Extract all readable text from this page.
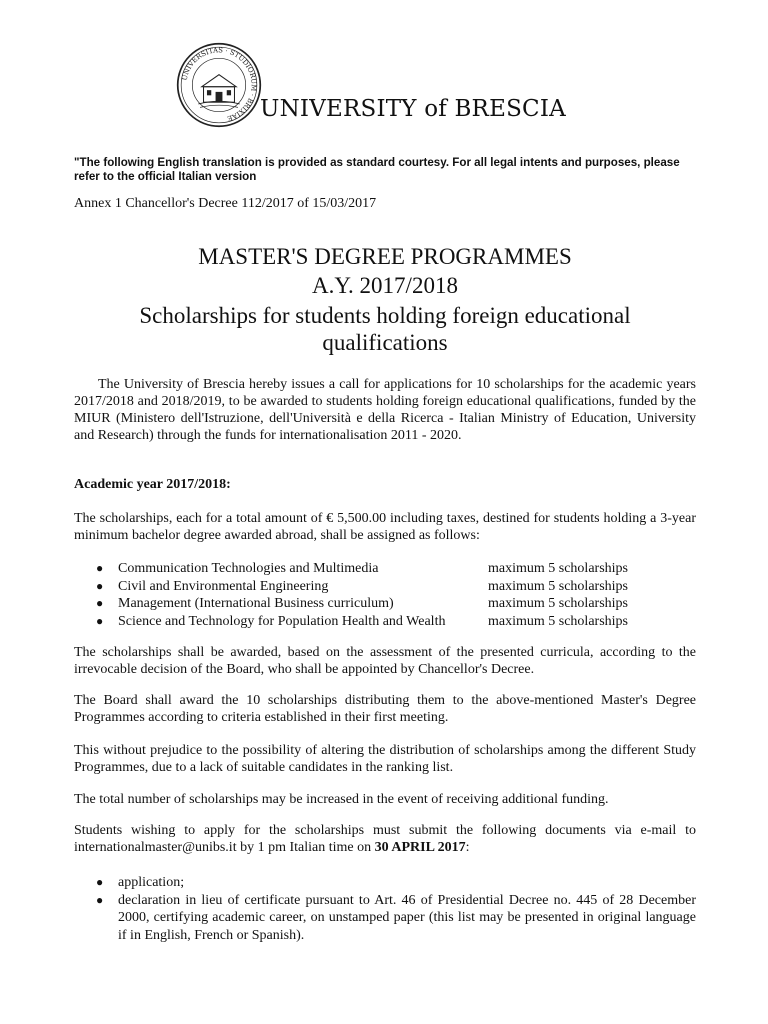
UNIVERSITAS · STUDIORUM · BRIXIAE	UNIVERSITY of BRESCIA
"The following English translation is provided as standard courtesy. For all legal intents and purposes, please refer to the official Italian version
Annex 1 Chancellor's Decree 112/2017 of 15/03/2017
MASTER'S DEGREE PROGRAMMES
A.Y. 2017/2018
Scholarships for students holding foreign educational qualifications
The University of Brescia hereby issues a call for applications for 10 scholarships for the academic years 2017/2018 and 2018/2019, to be awarded to students holding foreign educational qualifications, funded by the MIUR (Ministero dell'Istruzione, dell'Università e della Ricerca - Italian Ministry of Education, University and Research) through the funds for internationalisation 2011 - 2020.
Academic year 2017/2018:
The scholarships, each for a total amount of € 5,500.00 including taxes, destined for students holding a 3-year minimum bachelor degree awarded abroad, shall be assigned as follows:
● Communication Technologies and Multimedia	maximum 5 scholarships
● Civil and Environmental Engineering	maximum 5 scholarships
● Management (International Business curriculum)	maximum 5 scholarships
● Science and Technology for Population Health and Wealth	maximum 5 scholarships
The scholarships shall be awarded, based on the assessment of the presented curricula, according to the irrevocable decision of the Board, who shall be appointed by Chancellor's Decree.
The Board shall award the 10 scholarships distributing them to the above-mentioned Master's Degree Programmes according to criteria established in their first meeting.
This without prejudice to the possibility of altering the distribution of scholarships among the different Study Programmes, due to a lack of suitable candidates in the ranking list.
The total number of scholarships may be increased in the event of receiving additional funding.
Students wishing to apply for the scholarships must submit the following documents via e-mail to internationalmaster@unibs.it by 1 pm Italian time on 30 APRIL 2017:
● application;
● declaration in lieu of certificate pursuant to Art. 46 of Presidential Decree no. 445 of 28 December 2000, certifying academic career, on unstamped paper (this list may be presented in original language if in English, French or Spanish).
